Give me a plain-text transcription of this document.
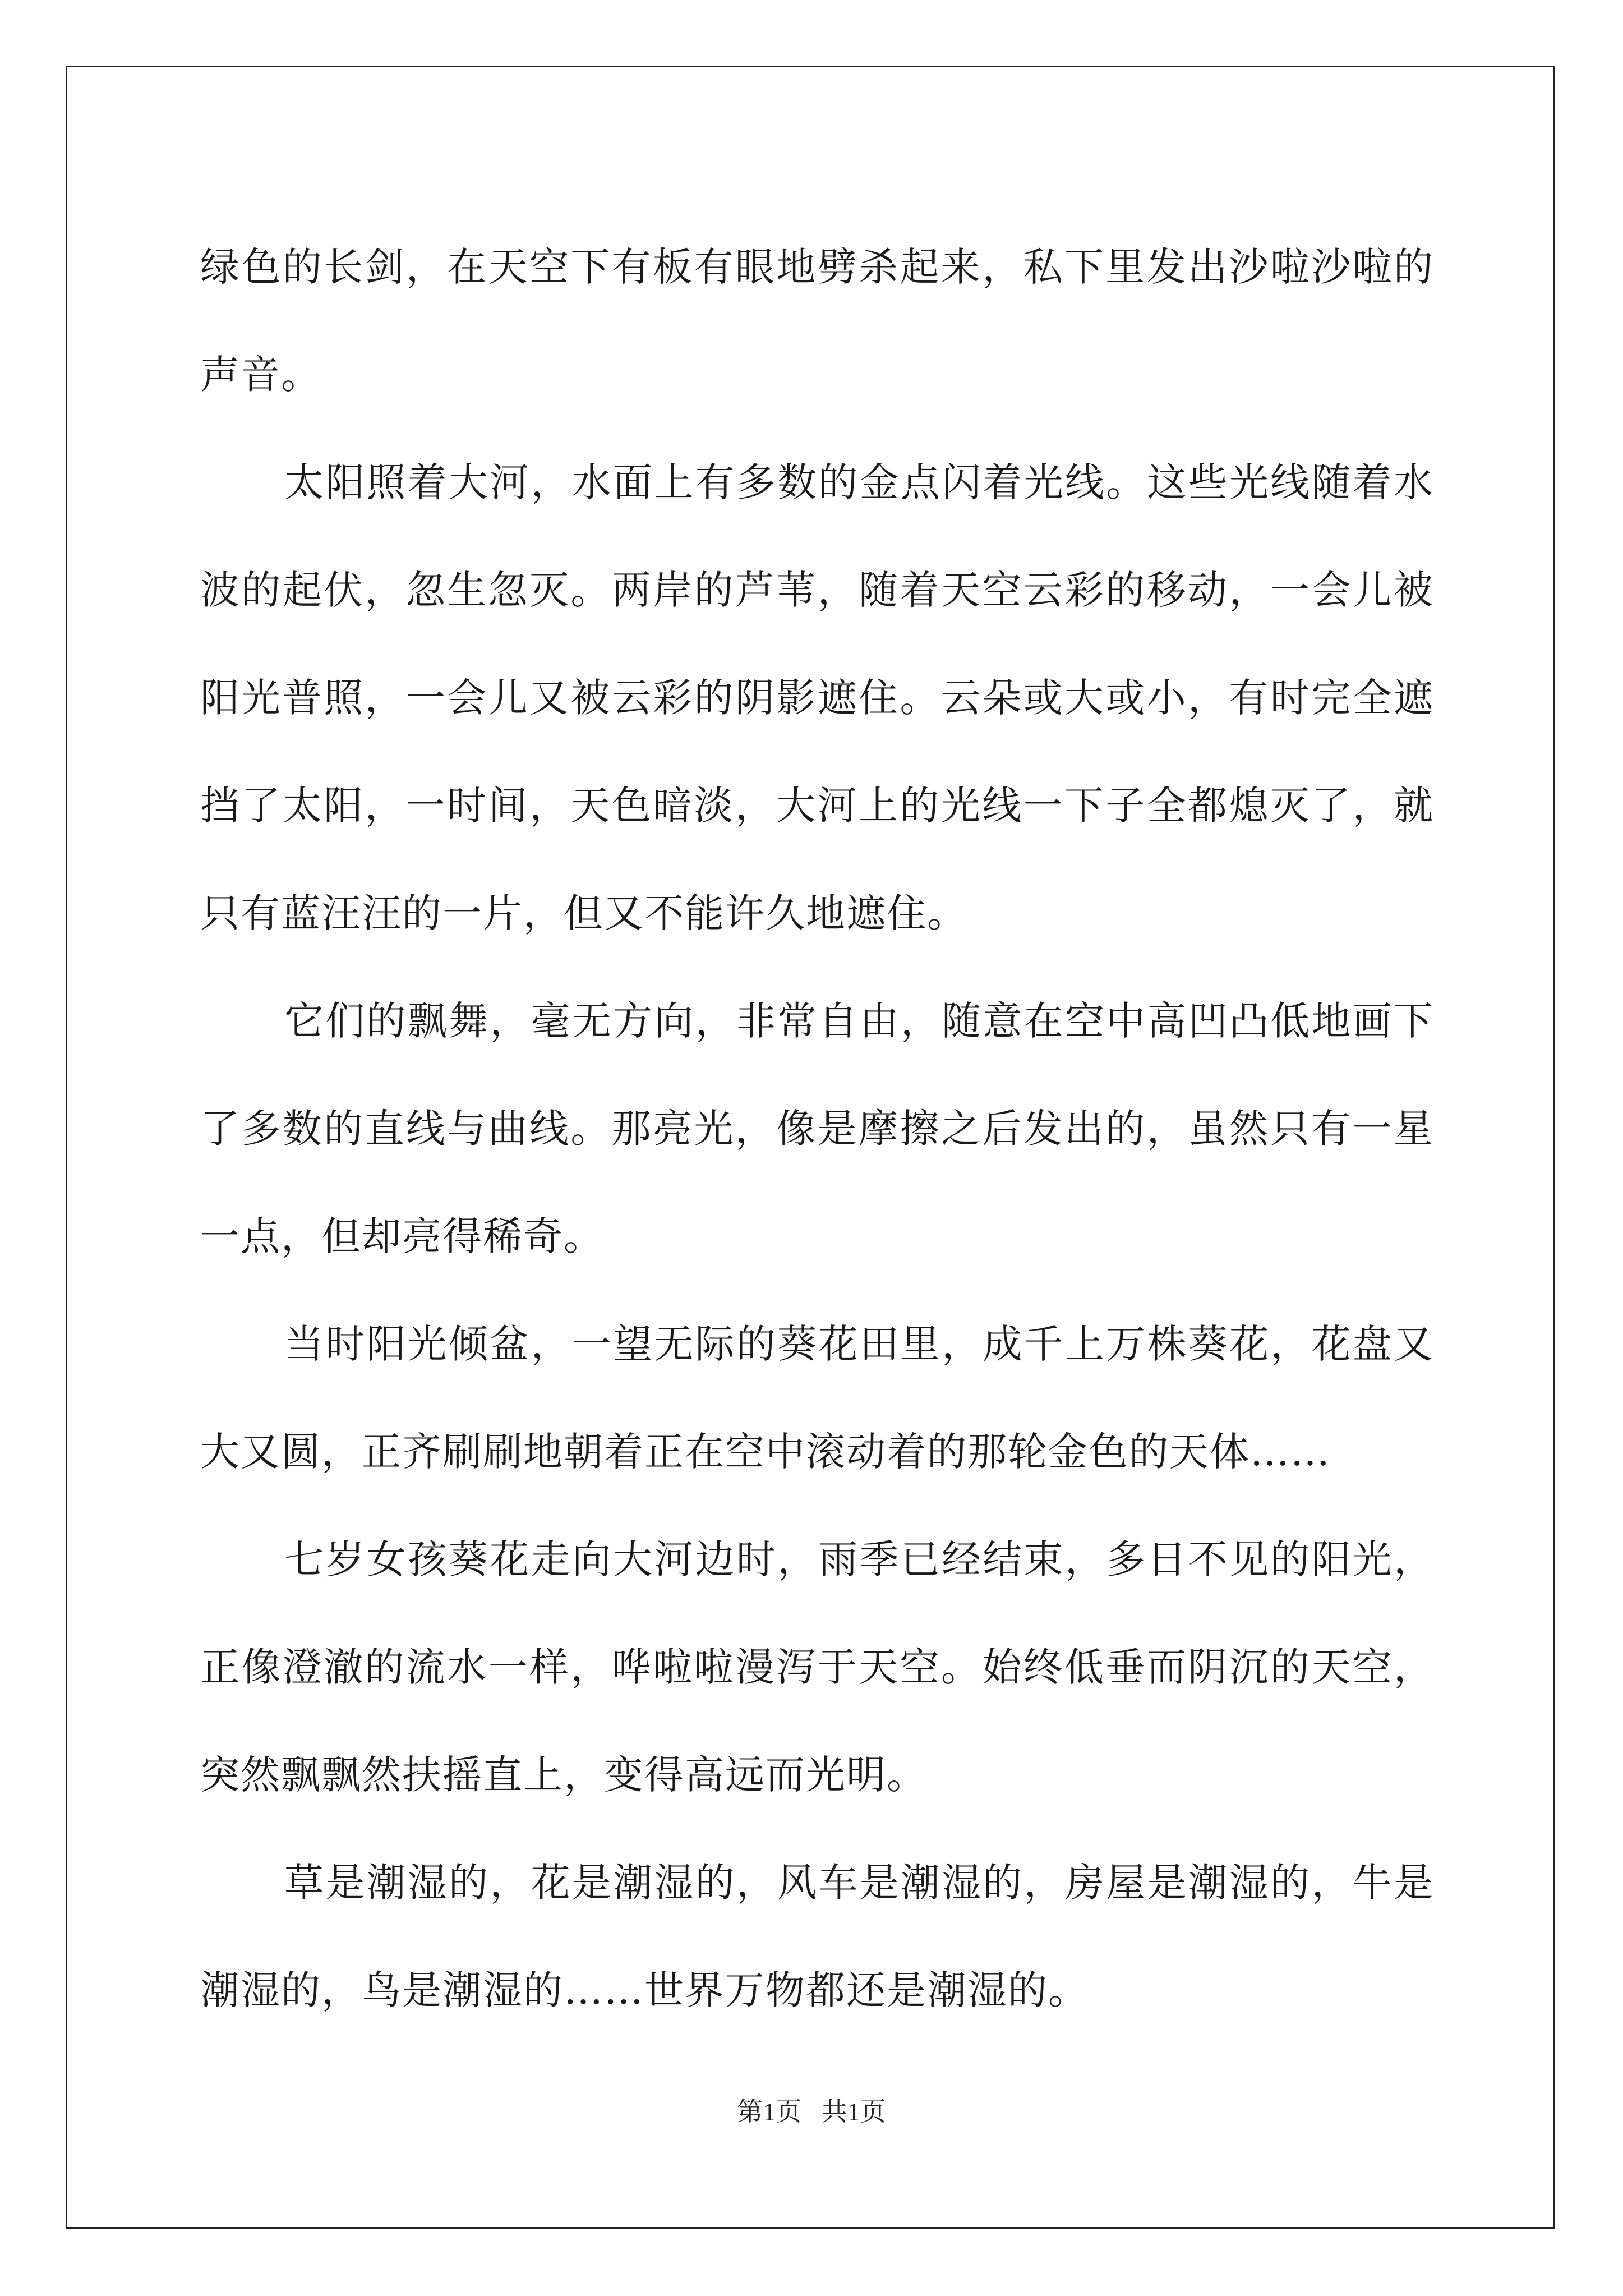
绿色的长剑，在天空下有板有眼地劈杀起来，私下里发出沙啦沙啦的声音。

太阳照着大河，水面上有多数的金点闪着光线。这些光线随着水波的起伏，忽生忽灭。两岸的芦苇，随着天空云彩的移动，一会儿被阳光普照，一会儿又被云彩的阴影遮住。云朵或大或小，有时完全遮挡了太阳，一时间，天色暗淡，大河上的光线一下子全都熄灭了，就只有蓝汪汪的一片，但又不能许久地遮住。

它们的飘舞，毫无方向，非常自由，随意在空中高凹凸低地画下了多数的直线与曲线。那亮光，像是摩擦之后发出的，虽然只有一星一点，但却亮得稀奇。

当时阳光倾盆，一望无际的葵花田里，成千上万株葵花，花盘又大又圆，正齐刷刷地朝着正在空中滚动着的那轮金色的天体……

七岁女孩葵花走向大河边时，雨季已经结束，多日不见的阳光，正像澄澈的流水一样，哗啦啦漫泻于天空。始终低垂而阴沉的天空，突然飘飘然扶摇直上，变得高远而光明。

草是潮湿的，花是潮湿的，风车是潮湿的，房屋是潮湿的，牛是潮湿的，鸟是潮湿的……世界万物都还是潮湿的。

第1页 共1页
